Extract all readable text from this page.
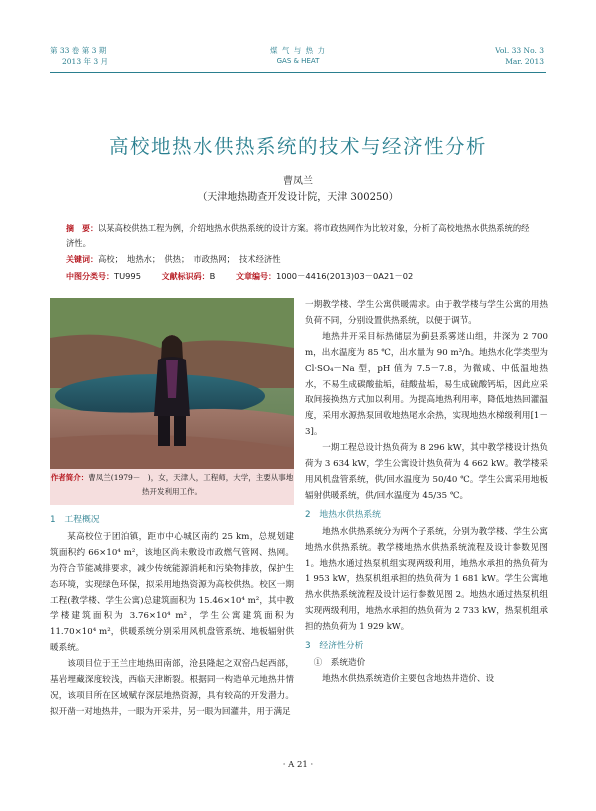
第 33 卷 第 3 期
2013 年 3 月
煤 气 与 热 力
GAS & HEAT
Vol. 33 No. 3
Mar. 2013
高校地热水供热系统的技术与经济性分析
曹凤兰
（天津地热勘查开发设计院，天津 300250）
摘　要：以某高校供热工程为例，介绍地热水供热系统的设计方案。将市政热网作为比较对象，分析了高校地热水供热系统的经济性。
关键词：高校；　地热水；　供热；　市政热网；　技术经济性
中图分类号：TU995	文献标识码：B	文章编号：1000－4416(2013)03－0A21－02
作者简介：曹凤兰(1979－　)，女，天津人，工程师，大学，主要从事地热开发利用工作。

1　工程概况

某高校位于团泊镇，距市中心城区南约 25 km，总规划建筑面积约 66×10⁴ m²，该地区尚未敷设市政燃气管网、热网。为符合节能减排要求，减少传统能源消耗和污染物排放，保护生态环境，实现绿色环保，拟采用地热资源为高校供热。校区一期工程(教学楼、学生公寓)总建筑面积为 15.46×10⁴ m²，其中教学楼建筑面积为 3.76×10⁴ m²，学生公寓建筑面积为 11.70×10⁴ m²，供暖系统分别采用风机盘管系统、地板辐射供暖系统。

该项目位于王兰庄地热田南部，沧县隆起之双窑凸起西部，基岩埋藏深度较浅，西临天津断裂。根据同一构造单元地热井情况，该项目所在区域赋存深层地热资源，具有较高的开发潜力。拟开凿一对地热井，一眼为开采井，另一眼为回灌井，用于满足

一期教学楼、学生公寓供暖需求。由于教学楼与学生公寓的用热负荷不同，分别设置供热系统，以便于调节。

地热井开采目标热储层为蓟县系雾迷山组，井深为 2 700 m，出水温度为 85 ℃，出水量为 90 m³/h。地热水化学类型为 Cl·SO₄－Na 型，pH 值为 7.5－7.8，为微咸、中低温地热水，不易生成碳酸盐垢，硅酸盐垢，易生成硫酸钙垢，因此应采取间接换热方式加以利用。为提高地热利用率，降低地热回灌温度，采用水源热泵回收地热尾水余热，实现地热水梯级利用[1－3]。

一期工程总设计热负荷为 8 296 kW，其中教学楼设计热负荷为 3 634 kW，学生公寓设计热负荷为 4 662 kW。教学楼采用风机盘管系统，供/回水温度为 50/40 ℃。学生公寓采用地板辐射供暖系统，供/回水温度为 45/35 ℃。

2　地热水供热系统

地热水供热系统分为两个子系统，分别为教学楼、学生公寓地热水供热系统。教学楼地热水供热系统流程及设计参数见图 1。地热水通过热泵机组实现两级利用，地热水承担的热负荷为 1 953 kW，热泵机组承担的热负荷为 1 681 kW。学生公寓地热水供热系统流程及设计运行参数见图 2。地热水通过热泵机组实现两级利用，地热水承担的热负荷为 2 733 kW，热泵机组承担的热负荷为 1 929 kW。

3　经济性分析

①　系统造价

地热水供热系统造价主要包含地热井造价、设

· A 21 ·
